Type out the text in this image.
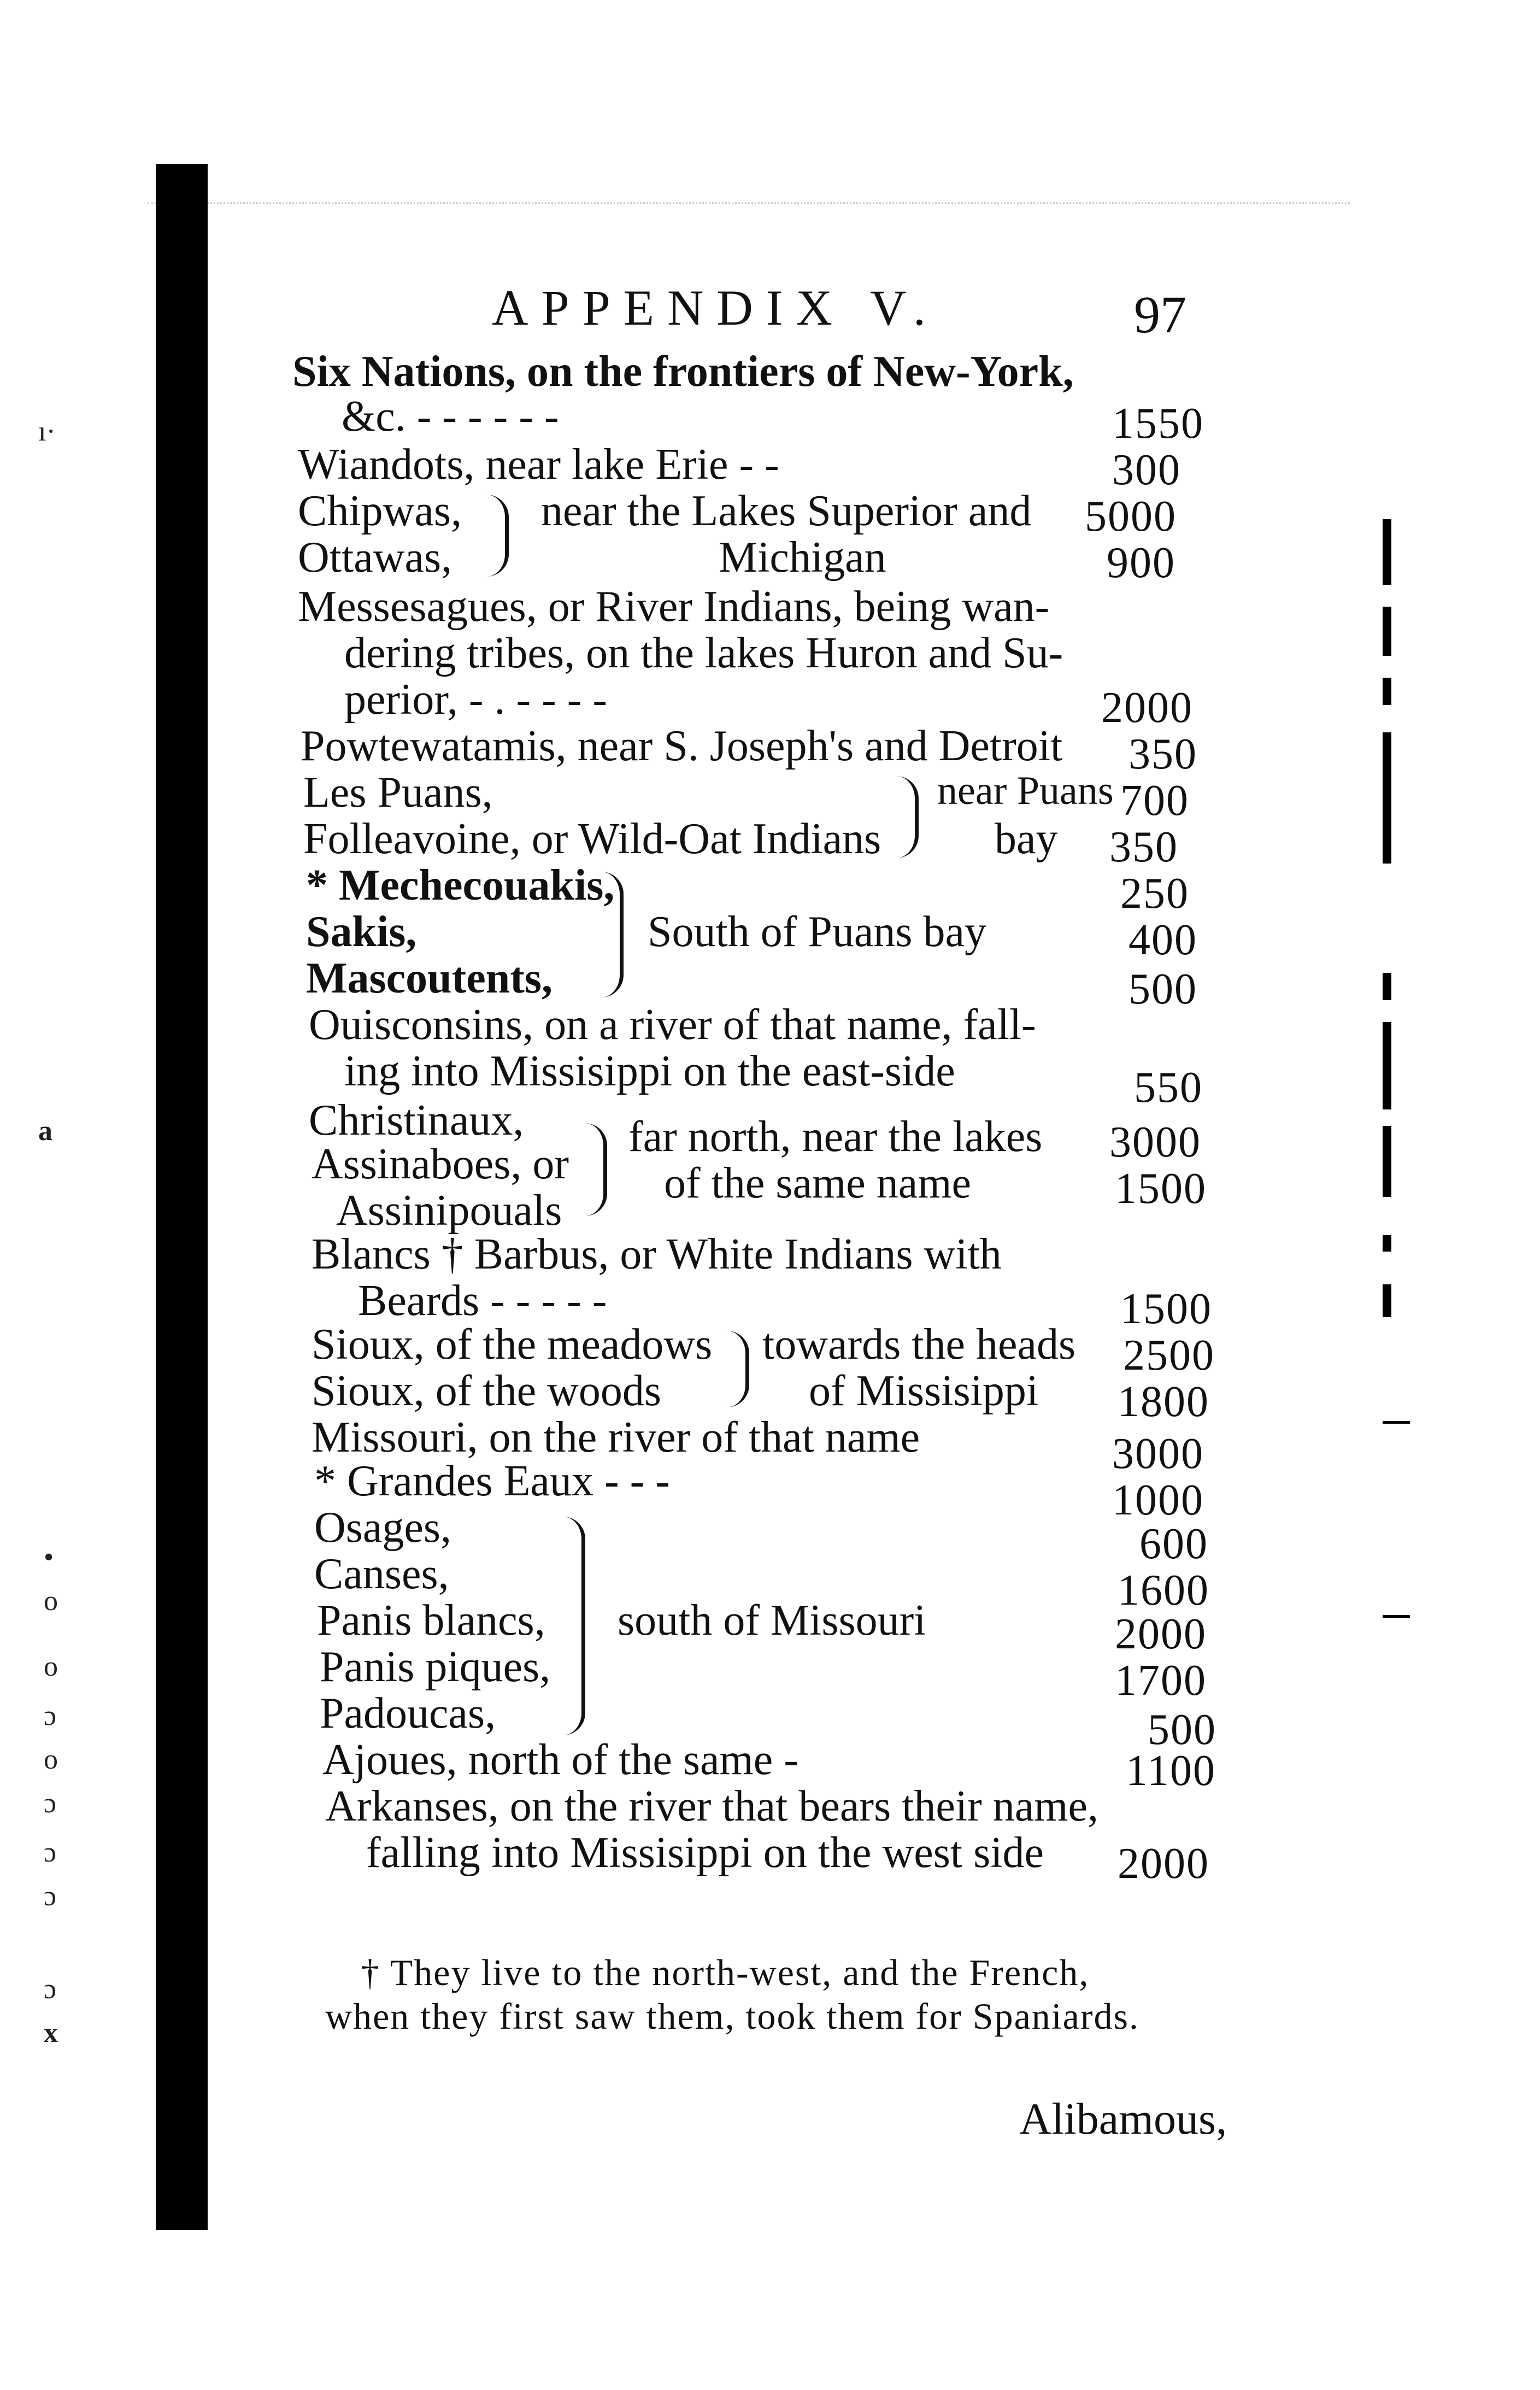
ı·
a
•
o
o
ɔ
o
ɔ
ɔ
ɔ
ɔ
x
APPENDIX V.	97
Six Nations, on the frontiers of New-York,
&c. - - - - - -	1550
Wiandots, near lake Erie - -	300
Chipwas,	5000
Ottawas,	900
near the Lakes Superior and
Michigan
Messesagues, or River Indians, being wan-
dering tribes, on the lakes Huron and Su-
perior, - . - - - -	2000
Powtewatamis, near S. Joseph's and Detroit 350
Les Puans,	700
Folleavoine, or Wild-Oat Indians	350
near Puans
bay
* Mechecouakis,	250
Sakis,	400
Mascoutents,	500
South of Puans bay
Ouisconsins, on a river of that name, fall-
ing into Missisippi on the east-side	550
Christinaux,	3000
Assinaboes, or
Assinipouals	1500
far north, near the lakes
of the same name
Blancs † Barbus, or White Indians with
Beards - - - - -	1500
Sioux, of the meadows	2500
Sioux, of the woods	1800
towards the heads
of Missisippi
Missouri, on the river of that name	3000
* Grandes Eaux - - -	1000
Osages,	600
Canses,	1600
Panis blancs,	2000
Panis piques,	1700
Padoucas,	500
south of Missouri
Ajoues, north of the same -	1100
Arkanses, on the river that bears their name,
falling into Missisippi on the west side 2000
† They live to the north-west, and the French,
when they first saw them, took them for Spaniards.
Alibamous,
